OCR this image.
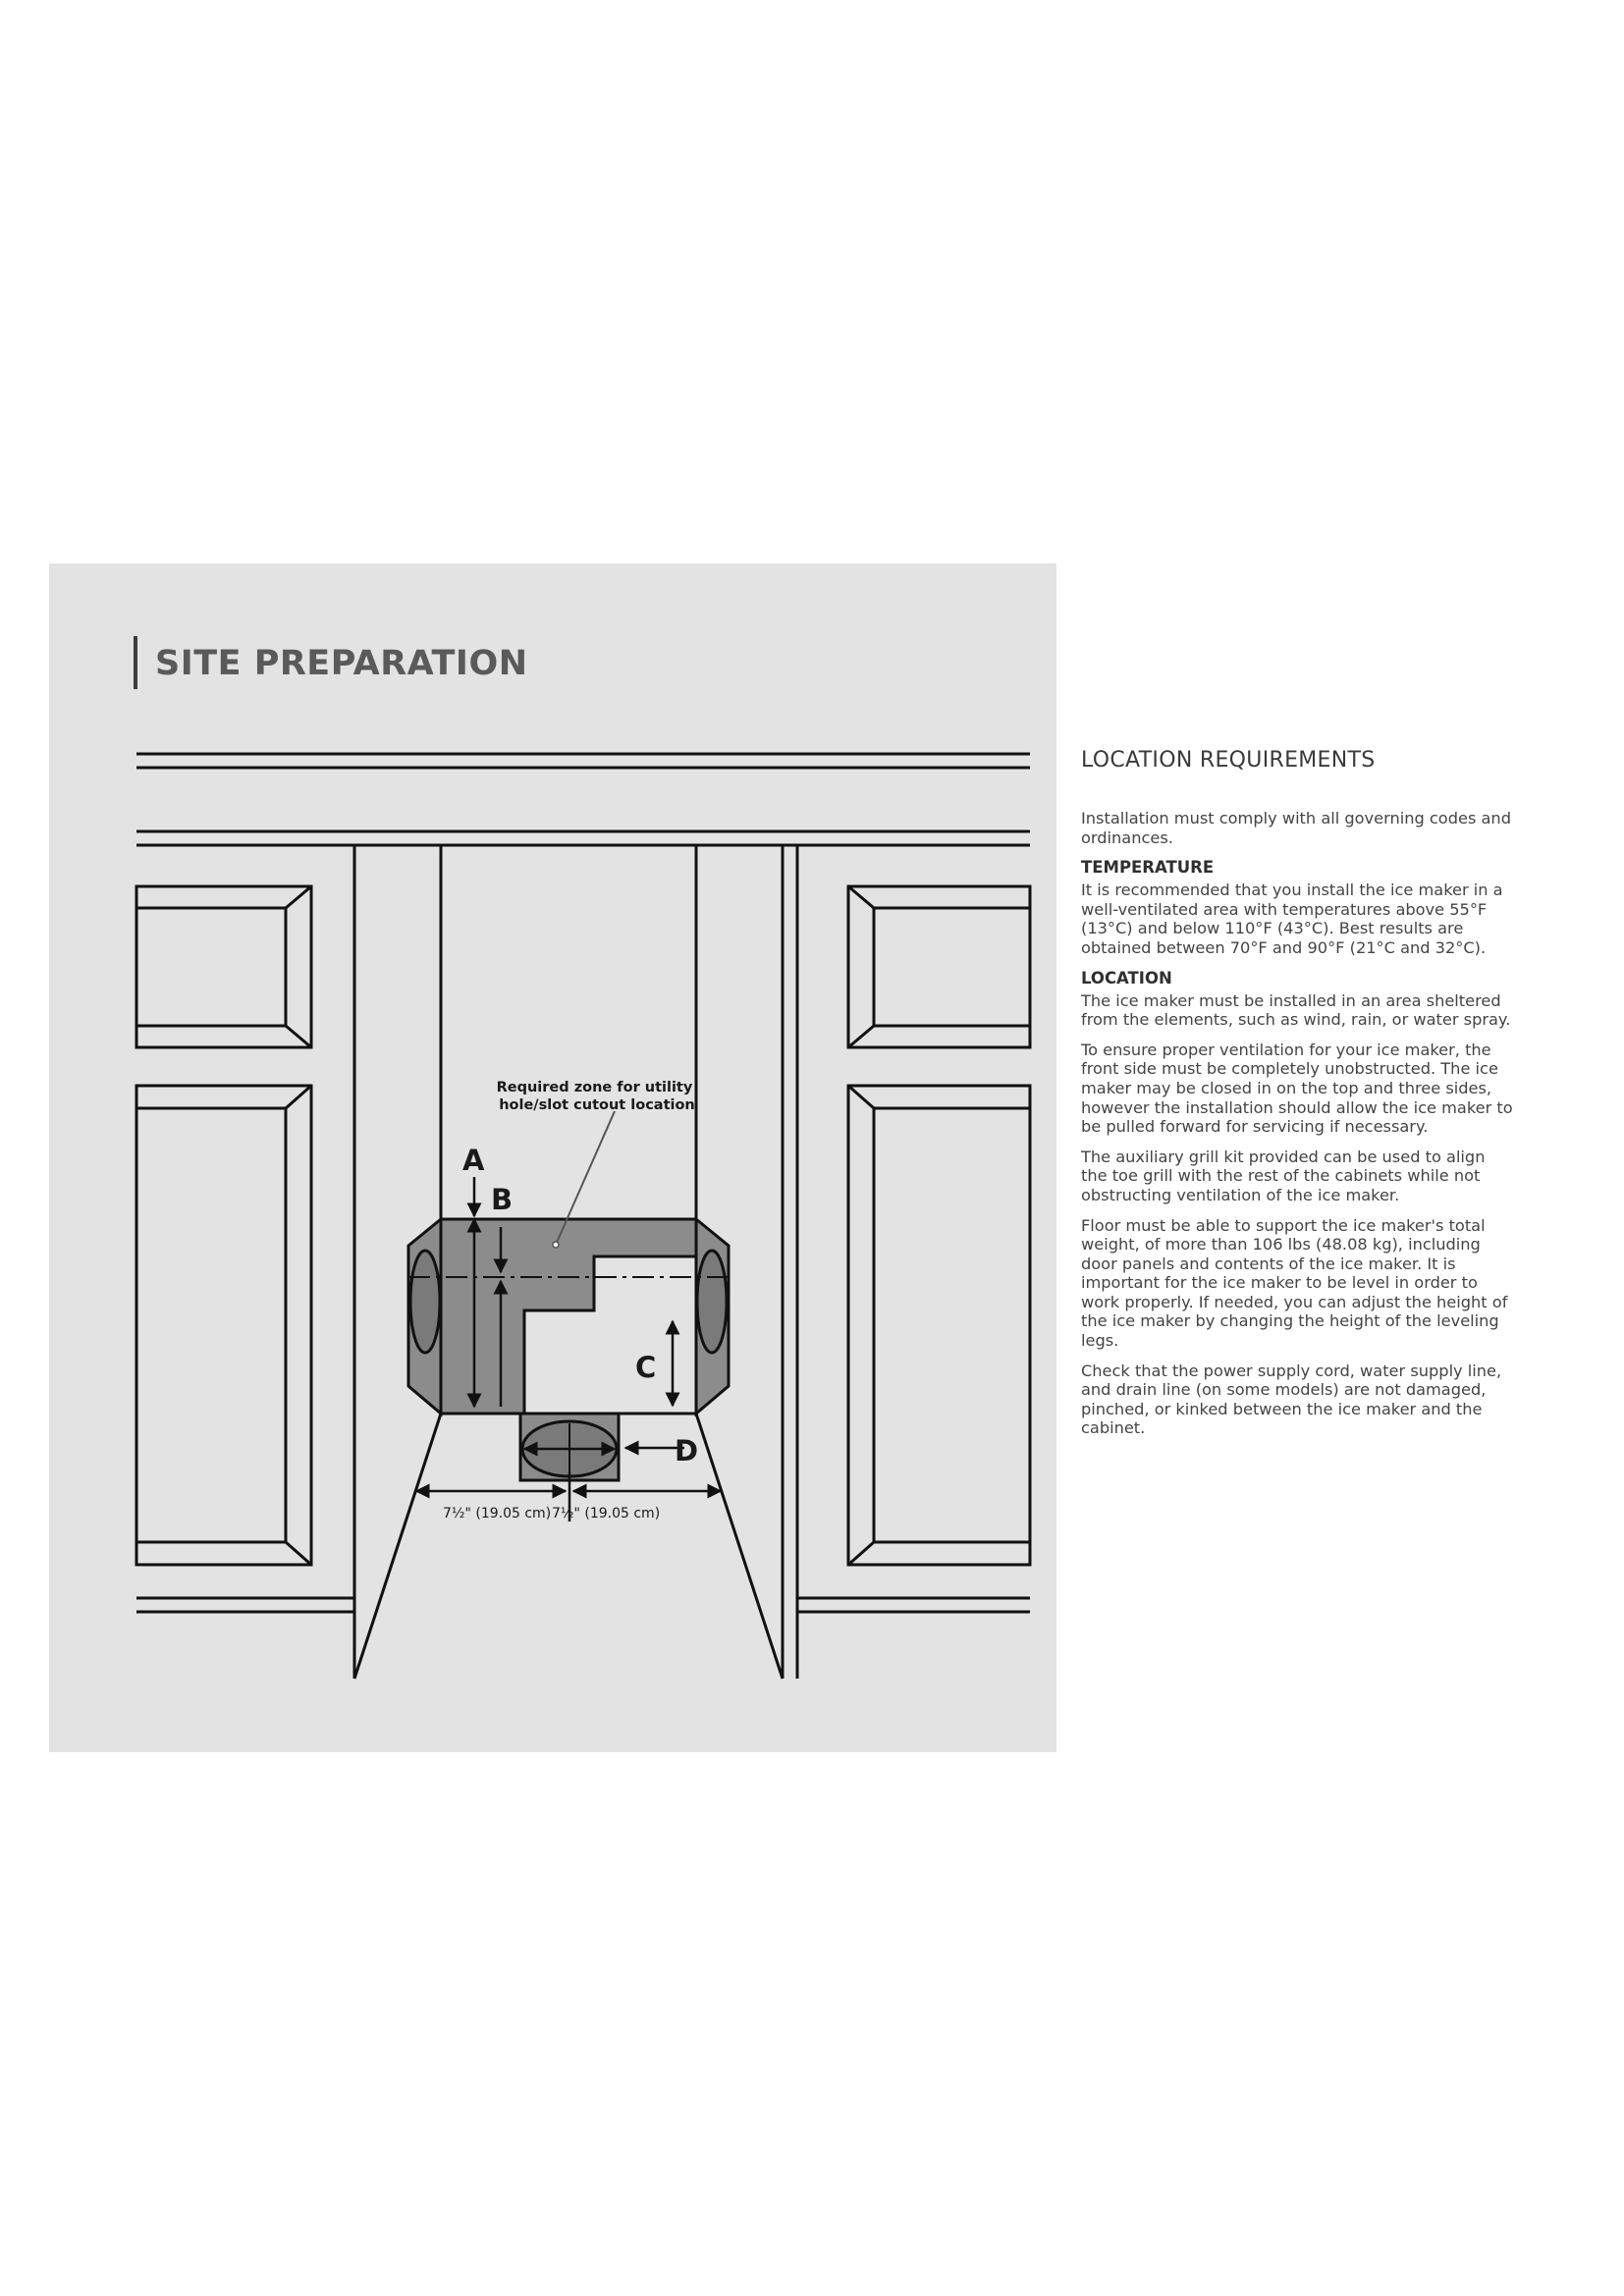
SITE PREPARATION
Required zone for utility hole/slot cutout location
A
B
C
D
7½" (19.05 cm) 7½" (19.05 cm)
LOCATION REQUIREMENTS

Installation must comply with all governing codes and ordinances.

TEMPERATURE

It is recommended that you install the ice maker in a well-ventilated area with temperatures above 55°F (13°C) and below 110°F (43°C). Best results are obtained between 70°F and 90°F (21°C and 32°C).

LOCATION

The ice maker must be installed in an area sheltered from the elements, such as wind, rain, or water spray.

To ensure proper ventilation for your ice maker, the front side must be completely unobstructed. The ice maker may be closed in on the top and three sides, however the installation should allow the ice maker to be pulled forward for servicing if necessary.

The auxiliary grill kit provided can be used to align the toe grill with the rest of the cabinets while not obstructing ventilation of the ice maker.

Floor must be able to support the ice maker's total weight, of more than 106 lbs (48.08 kg), including door panels and contents of the ice maker. It is important for the ice maker to be level in order to work properly. If needed, you can adjust the height of the ice maker by changing the height of the leveling legs.

Check that the power supply cord, water supply line, and drain line (on some models) are not damaged, pinched, or kinked between the ice maker and the cabinet.
